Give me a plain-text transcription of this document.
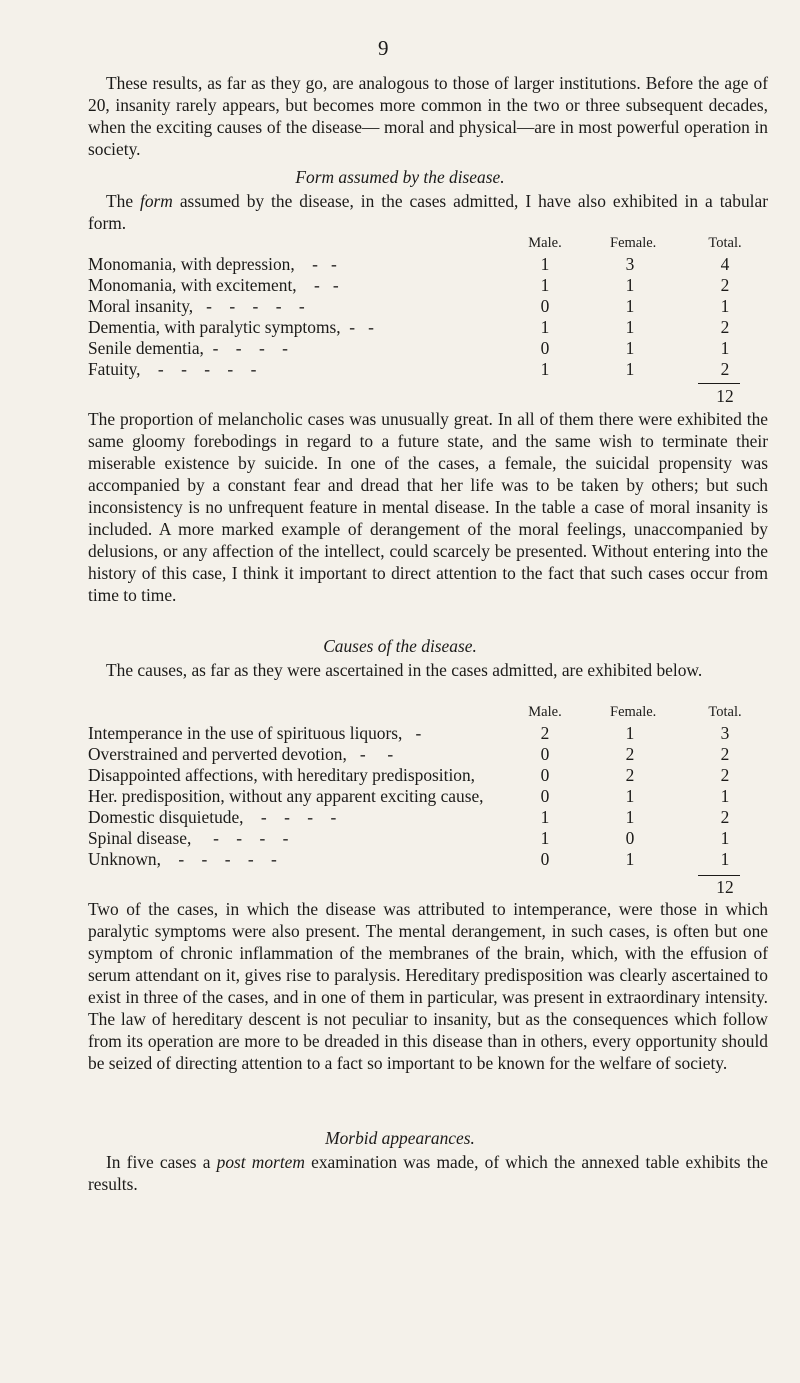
9

These results, as far as they go, are analogous to those of larger institutions. Before the age of 20, insanity rarely appears, but becomes more common in the two or three subsequent decades, when the exciting causes of the disease— moral and physical—are in most powerful operation in society.

Form assumed by the disease.

The form assumed by the disease, in the cases admitted, I have also exhibited in a tabular form.

Male.	Female.	Total.
Monomania, with depression,    -   -	1	3	4
Monomania, with excitement,    -   -	1	1	2
Moral insanity,   -    -    -    -    -	0	1	1
Dementia, with paralytic symptoms,  -   -	1	1	2
Senile dementia,  -    -    -    -	0	1	1
Fatuity,    -    -    -    -    -	1	1	2
12

The proportion of melancholic cases was unusually great. In all of them there were exhibited the same gloomy forebodings in regard to a future state, and the same wish to terminate their miserable existence by suicide. In one of the cases, a female, the suicidal propensity was accompanied by a constant fear and dread that her life was to be taken by others; but such inconsistency is no unfrequent feature in mental disease. In the table a case of moral insanity is included. A more marked example of derangement of the moral feelings, unaccompanied by delusions, or any affection of the intellect, could scarcely be presented. Without entering into the history of this case, I think it important to direct attention to the fact that such cases occur from time to time.

Causes of the disease.

The causes, as far as they were ascertained in the cases admitted, are exhibited below.

Male.	Female.	Total.
Intemperance in the use of spirituous liquors,   -	2	1	3
Overstrained and perverted devotion,   -     -	0	2	2
Disappointed affections, with hereditary predisposition,	0	2	2
Her. predisposition, without any apparent exciting cause,	0	1	1
Domestic disquietude,    -    -    -    -	1	1	2
Spinal disease,     -    -    -    -	1	0	1
Unknown,    -    -    -    -    -	0	1	1
12

Two of the cases, in which the disease was attributed to intemperance, were those in which paralytic symptoms were also present. The mental derangement, in such cases, is often but one symptom of chronic inflammation of the membranes of the brain, which, with the effusion of serum attendant on it, gives rise to paralysis. Hereditary predisposition was clearly ascertained to exist in three of the cases, and in one of them in particular, was present in extraordinary intensity. The law of hereditary descent is not peculiar to insanity, but as the consequences which follow from its operation are more to be dreaded in this disease than in others, every opportunity should be seized of directing attention to a fact so important to be known for the welfare of society.

Morbid appearances.

In five cases a post mortem examination was made, of which the annexed table exhibits the results.
